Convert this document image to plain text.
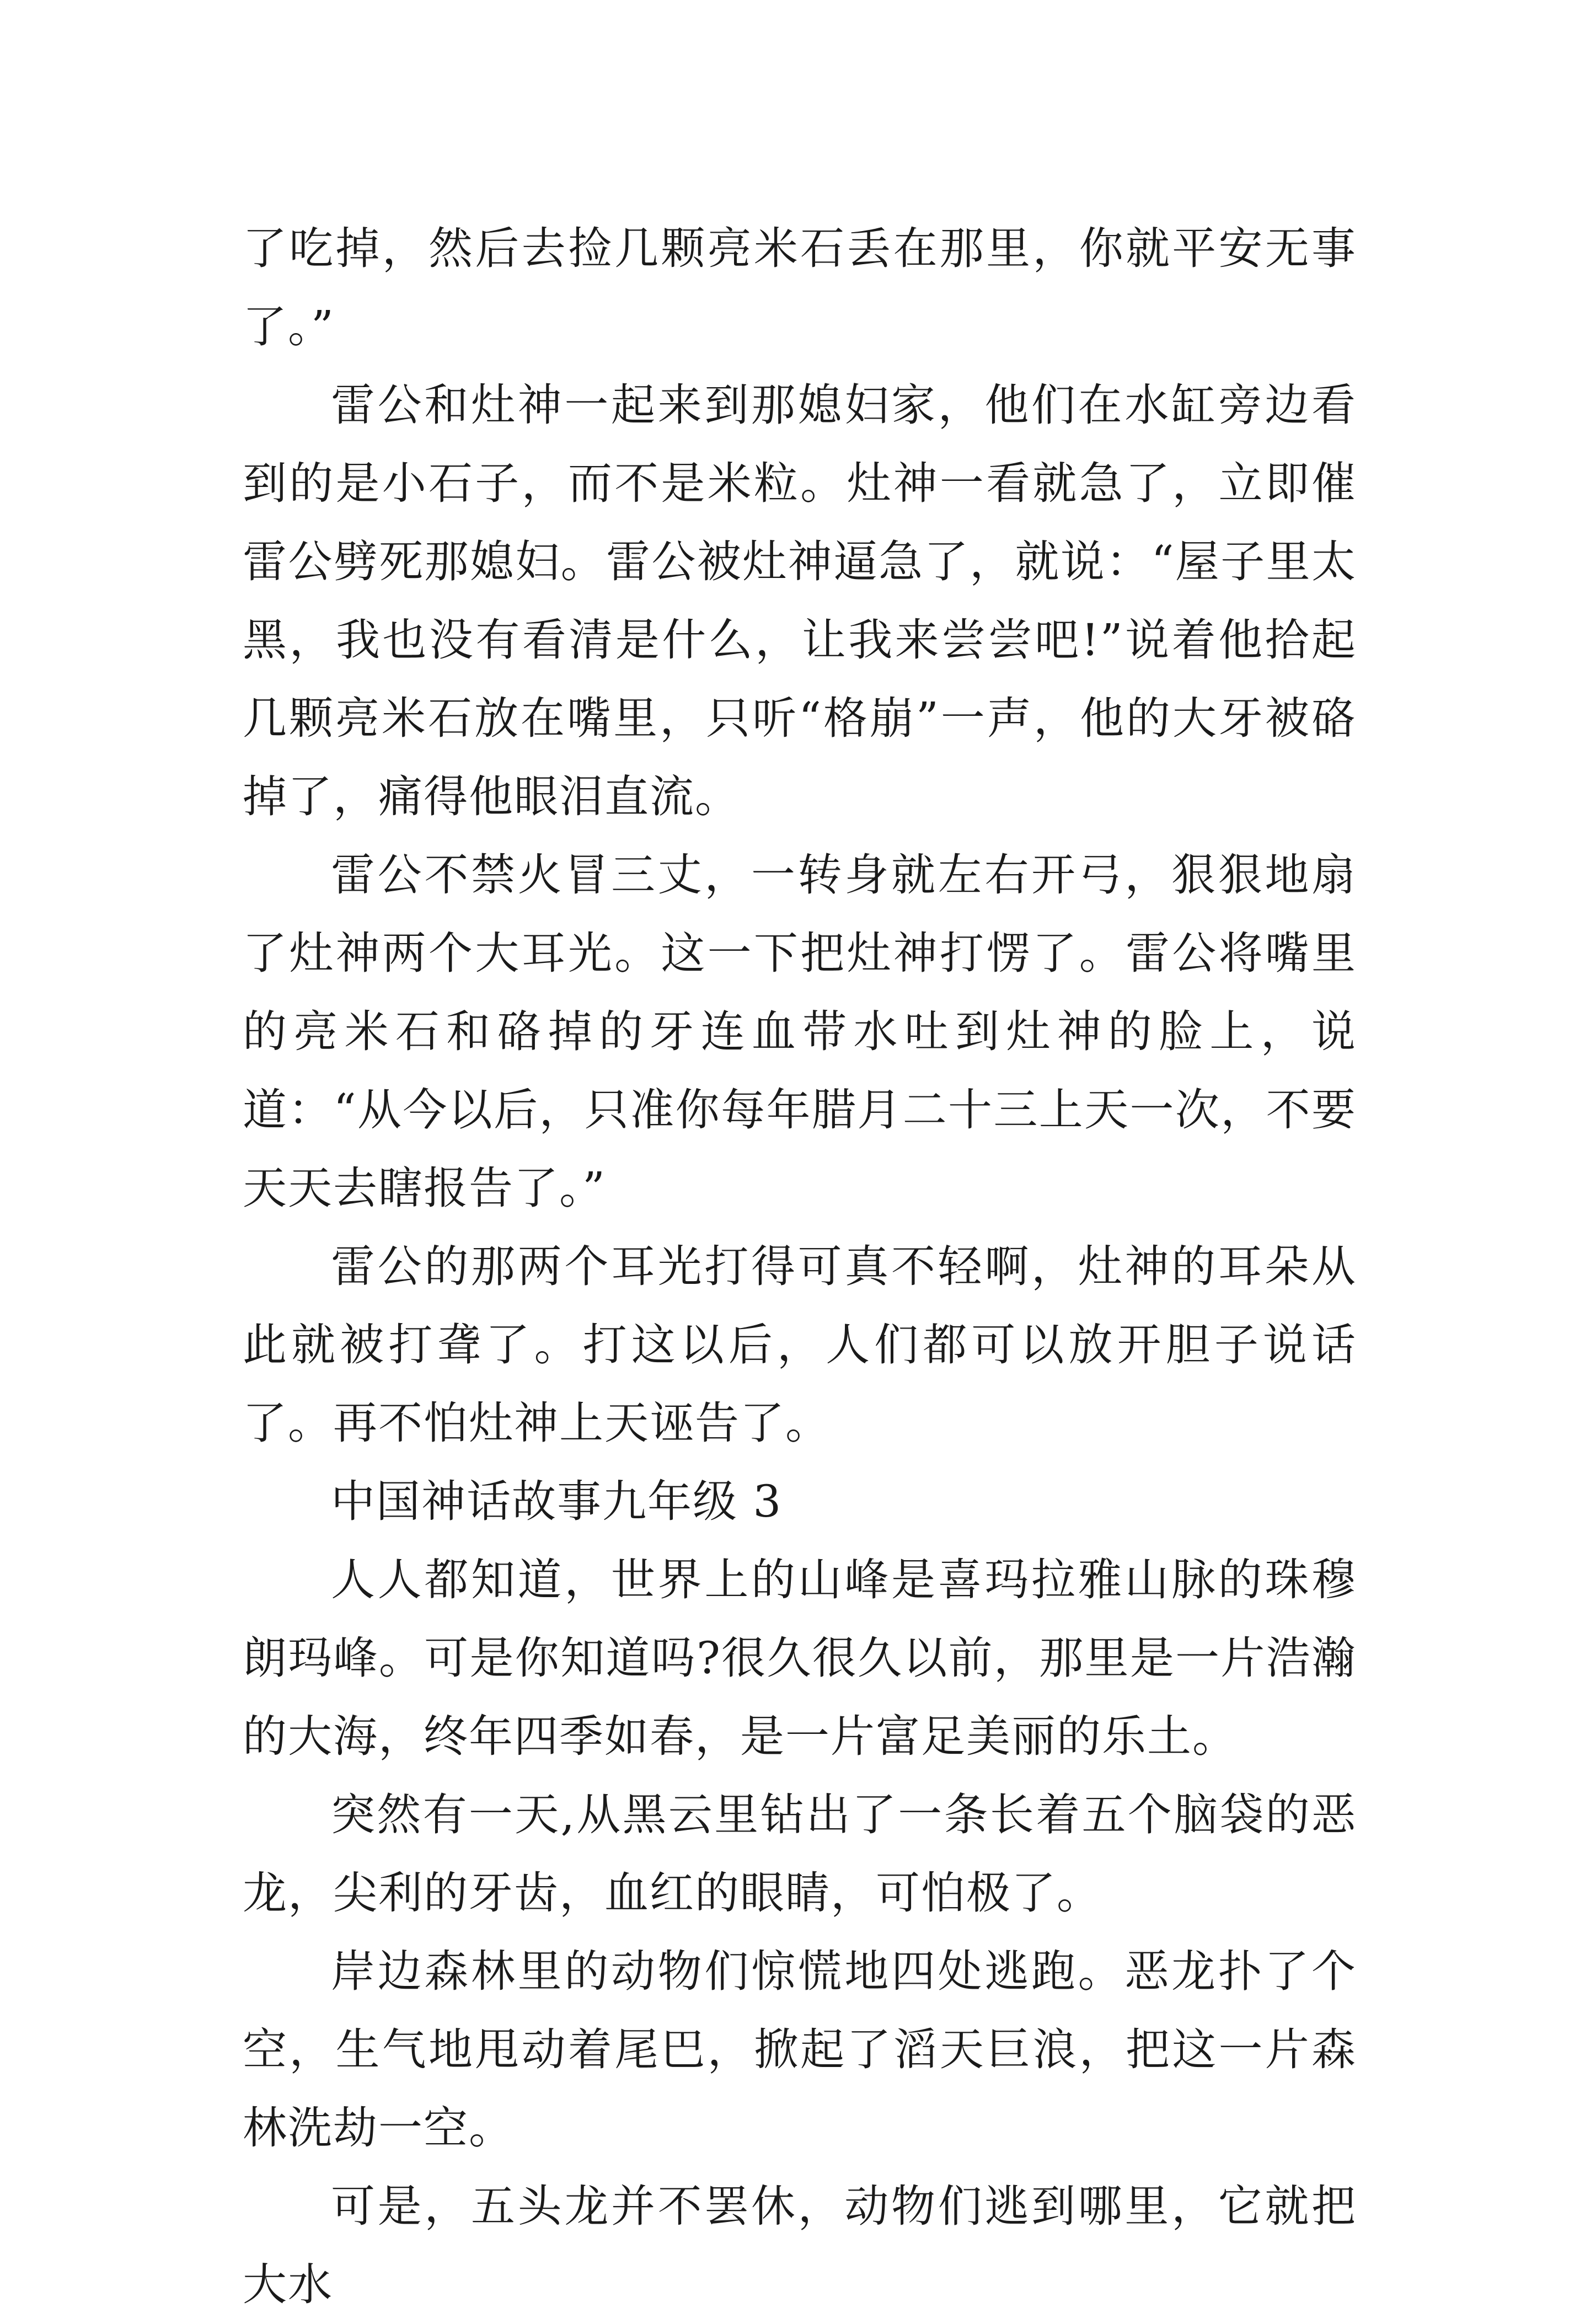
了吃掉，然后去捡几颗亮米石丢在那里，你就平安无事了。”

雷公和灶神一起来到那媳妇家，他们在水缸旁边看到的是小石子，而不是米粒。灶神一看就急了，立即催雷公劈死那媳妇。雷公被灶神逼急了，就说：“屋子里太黑，我也没有看清是什么，让我来尝尝吧!”说着他拾起几颗亮米石放在嘴里，只听“格崩”一声，他的大牙被硌掉了，痛得他眼泪直流。

雷公不禁火冒三丈，一转身就左右开弓，狠狠地扇了灶神两个大耳光。这一下把灶神打愣了。雷公将嘴里的亮米石和硌掉的牙连血带水吐到灶神的脸上，说道：“从今以后，只准你每年腊月二十三上天一次，不要天天去瞎报告了。”

雷公的那两个耳光打得可真不轻啊，灶神的耳朵从此就被打聋了。打这以后，人们都可以放开胆子说话了。再不怕灶神上天诬告了。

中国神话故事九年级 3

人人都知道，世界上的山峰是喜玛拉雅山脉的珠穆朗玛峰。可是你知道吗?很久很久以前，那里是一片浩瀚的大海，终年四季如春，是一片富足美丽的乐土。

突然有一天,从黑云里钻出了一条长着五个脑袋的恶龙，尖利的牙齿，血红的眼睛，可怕极了。

岸边森林里的动物们惊慌地四处逃跑。恶龙扑了个空，生气地甩动着尾巴，掀起了滔天巨浪，把这一片森林洗劫一空。

可是，五头龙并不罢休，动物们逃到哪里，它就把大水
